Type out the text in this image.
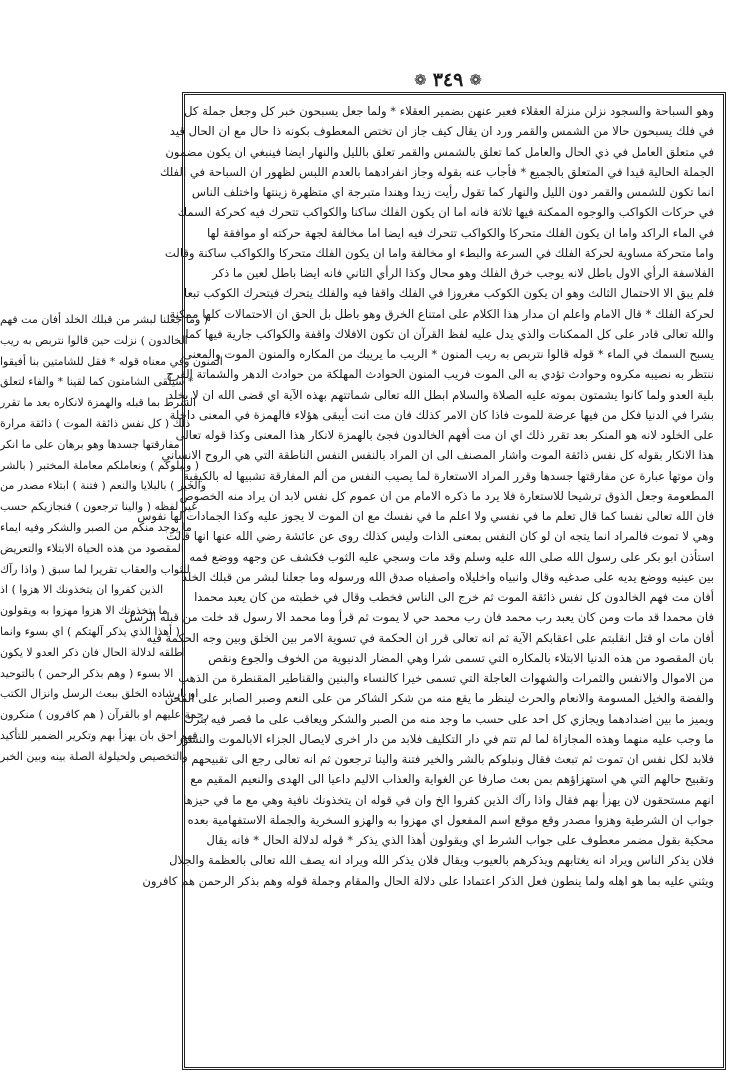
❁ ٣٤٩ ❁
وهو السباحة والسجود نزلن منزلة العقلاء فعبر عنهن بضمير العقلاء * ولما جعل يسبحون خبر كل وجعل جملة كل
في فلك يسبحون حالا من الشمس والقمر ورد ان يقال كيف جاز ان تختص المعطوف بكونه ذا حال مع ان الحال قيد
في متعلق العامل في ذي الحال والعامل كما تعلق بالشمس والقمر تعلق بالليل والنهار ايضا فينبغي ان يكون مضمون
الجملة الحالية قيدا في المتعلق بالجميع * فأجاب عنه بقوله وجاز انفرادهما بالعدم اللبس لظهور ان السباحة في الفلك
انما تكون للشمس والقمر دون الليل والنهار كما تقول رأيت زيدا وهندا متبرجة اي متظهرة زينتها واختلف الناس
في حركات الكواكب والوجوه الممكنة فيها ثلاثة فانه اما ان يكون الفلك ساكنا والكواكب تتحرك فيه كحركة السمك
في الماء الراكد واما ان يكون الفلك متحركا والكواكب تتحرك فيه ايضا اما مخالفة لجهة حركته او موافقة لها
واما متحركة مساوية لحركة الفلك في السرعة والبطء او مخالفة واما ان يكون الفلك متحركا والكواكب ساكنة وقالت
الفلاسفة الرأي الاول باطل لانه يوجب خرق الفلك وهو محال وكذا الرأي الثاني فانه ايضا باطل لعين ما ذكر
فلم يبق الا الاحتمال الثالث وهو ان يكون الكوكب مغروزا في الفلك واقفا فيه والفلك يتحرك فيتحرك الكوكب تبعا
لحركة الفلك * قال الامام واعلم ان مدار هذا الكلام على امتناع الخرق وهو باطل بل الحق ان الاحتمالات كلها ممكنة
والله تعالى قادر على كل الممكنات والذي يدل عليه لفظ القرآن ان تكون الافلاك واقفة والكواكب جارية فيها كما
يسبح السمك في الماء * قوله قالوا نتربص به ريب المنون * الريب ما يريبك من المكاره والمنون الموت والمعنى
ننتظر به نصيبه مكروه وحوادث تؤدي به الى الموت فريب المنون الحوادث المهلكة من حوادث الدهر والشماتة الفرح
بلية العدو ولما كانوا يشمتون بموته عليه الصلاة والسلام ابطل الله تعالى شماتتهم بهذه الآية اي قضى الله ان لا يخلد
بشرا في الدنيا فكل من فيها عرضة للموت فاذا كان الامر كذلك فان مت انت أيبقى هؤلاء فالهمزة في المعنى داخلة
على الخلود لانه هو المنكر بعد تقرر ذلك اي ان مت أفهم الخالدون فجئ بالهمزة لانكار هذا المعنى وكذا قوله تعالى
هذا الانكار بقوله كل نفس ذائقة الموت واشار المصنف الى ان المراد بالنفس النفس الناطقة التي هي الروح الانساني
وان موتها عبارة عن مفارقتها جسدها وقرر المراد الاستعارة لما يصيب النفس من ألم المفارقة تشبيها له بالكيفية
المطعومة وجعل الذوق ترشيحا للاستعارة فلا يرد ما ذكره الامام من ان عموم كل نفس لابد ان يراد منه الخصوص
فان الله تعالى نفسا كما قال تعلم ما في نفسي ولا اعلم ما في نفسك مع ان الموت لا يجوز عليه وكذا الجمادات لها نفوس
وهي لا تموت فالمراد انما يتجه ان لو كان النفس بمعنى الذات وليس كذلك روى عن عائشة رضي الله عنها انها قالت
استأذن ابو بكر على رسول الله صلى الله عليه وسلم وقد مات وسجي عليه الثوب فكشف عن وجهه ووضع فمه
بين عينيه ووضع يديه على صدغيه وقال وانبياه واخليلاه واصفياه صدق الله ورسوله وما جعلنا لبشر من قبلك الخلد
أفان مت فهم الخالدون كل نفس ذائقة الموت ثم خرج الى الناس فخطب وقال في خطبته من كان يعبد محمدا
فان محمدا قد مات ومن كان يعبد رب محمد فان رب محمد حي لا يموت ثم قرأ وما محمد الا رسول قد خلت من قبله الرسل
أفان مات او قتل انقلبتم على اعقابكم الآية ثم انه تعالى قرر ان الحكمة في تسوية الامر بين الخلق وبين وجه الحكمة فيه
بان المقصود من هذه الدنيا الابتلاء بالمكاره التي تسمى شرا وهي المضار الدنيوية من الخوف والجوع ونقص
من الاموال والانفس والثمرات والشهوات العاجلة التي تسمى خيرا كالنساء والبنين والقناطير المقنطرة من الذهب
والفضة والخيل المسومة والانعام والحرث لينظر ما يقع منه من شكر الشاكر من على النعم وصبر الصابر على المحن
ويميز ما بين اضدادهما ويجازي كل احد على حسب ما وجد منه من الصبر والشكر ويعاقب على ما قصر فيه بترك
ما وجب عليه منهما وهذه المجازاة لما لم تتم في دار التكليف فلابد من دار اخرى لايصال الجزاء الابالموت والنشور
فلابد لكل نفس ان تموت ثم تبعث فقال ونبلوكم بالشر والخير فتنة والينا ترجعون ثم انه تعالى رجع الى تقبيحهم
وتقبيح حالهم التي هي استهزاؤهم بمن بعث صارفا عن الغواية والعذاب الاليم داعيا الى الهدى والنعيم المقيم مع
انهم مستحقون لان يهزأ بهم فقال واذا رآك الذين كفروا الخ وان في قوله ان يتخذونك نافية وهي مع ما في حيزها
جواب ان الشرطية وهزوا مصدر وقع موقع اسم المفعول اي مهزوا به والهزو السخرية والجملة الاستفهامية بعده
محكية بقول مضمر معطوف على جواب الشرط اي ويقولون أهذا الذي يذكر * قوله لدلالة الحال * فانه يقال
فلان يذكر الناس ويراد انه يغتابهم ويذكرهم بالعيوب ويقال فلان يذكر الله ويراد انه يصف الله تعالى بالعظمة والجلال
ويثني عليه بما هو اهله ولما ينطون فعل الذكر اعتمادا على دلالة الحال والمقام وجملة قوله وهم بذكر الرحمن هم كافرون
( وما جعلنا لبشر من قبلك الخلد أفان مت فهم
الخالدون ) نزلت حين قالوا نتربص به ريب
المنون وفي معناه قوله * فقل للشامتين بنا أفيقوا
* سيلقى الشامتون كما لقينا * والفاء لتعلق
الشرط بما قبله والهمزة لانكاره بعد ما تقرر
ذلك ( كل نفس ذائقة الموت ) ذائقة مرارة
مفارقتها جسدها وهو برهان على ما انكر
( ونبلوكم ) ونعاملكم معاملة المختبر ( بالشر
والخير ) بالبلايا والنعم ( فتنة ) ابتلاء مصدر من
غير لفظه ( والينا ترجعون ) فنجازيكم حسب
ما يوجد منكم من الصبر والشكر وفيه ايماء
المقصود من هذه الحياة الابتلاء والتعريض
للثواب والعقاب تقريرا لما سبق ( واذا رآك
الذين كفروا ان يتخذونك الا هزوا ) اذ
ما يتخذونك الا هزوا مهزوا به ويقولون
( أهذا الذي يذكر آلهتكم ) اي بسوء وانما
اطلقه لدلالة الحال فان ذكر العدو لا يكون
الا بسوء ( وهم بذكر الرحمن ) بالتوحيد
او بارشاده الخلق ببعث الرسل وانزال الكتب
رحمة عليهم او بالقرآن ( هم كافرون ) منكرون
فهم احق بان يهزأ بهم وتكرير الضمير للتأكيد
والتخصيص ولحيلولة الصلة بينه وبين الخبر
